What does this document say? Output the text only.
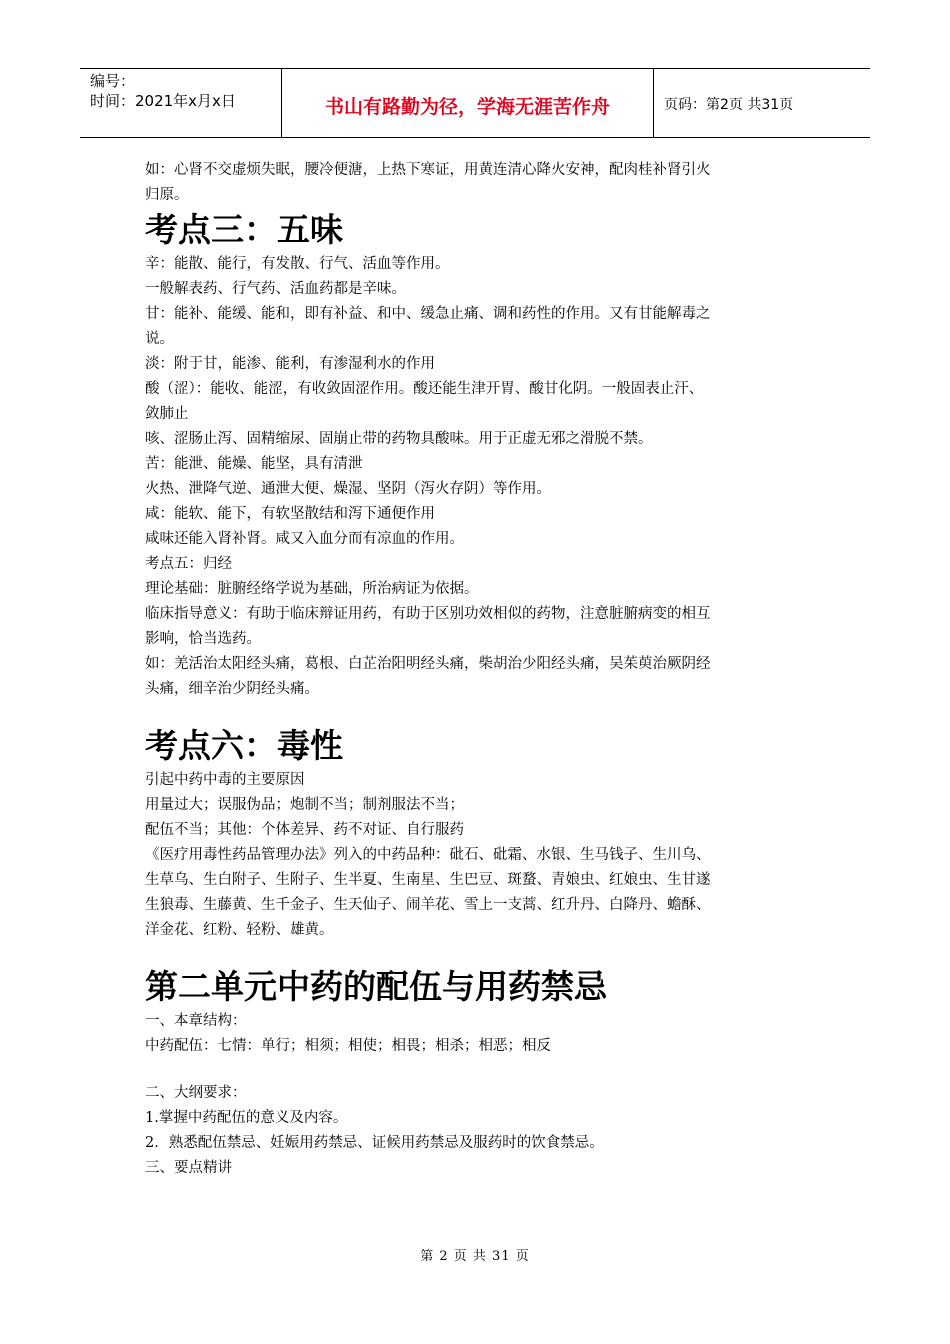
编号：
时间：2021年x月x日	书山有路勤为径，学海无涯苦作舟	页码：第2页 共31页

如：心肾不交虚烦失眠，腰冷便溏，上热下寒证，用黄连清心降火安神，配肉桂补肾引火

归原。

考点三：五味

辛：能散、能行，有发散、行气、活血等作用。

一般解表药、行气药、活血药都是辛味。

甘：能补、能缓、能和，即有补益、和中、缓急止痛、调和药性的作用。又有甘能解毒之

说。

淡：附于甘，能渗、能利，有渗湿利水的作用

酸（涩）：能收、能涩，有收敛固涩作用。酸还能生津开胃、酸甘化阴。一般固表止汗、

敛肺止

咳、涩肠止泻、固精缩尿、固崩止带的药物具酸味。用于正虚无邪之滑脱不禁。

苦：能泄、能燥、能坚，具有清泄

火热、泄降气逆、通泄大便、燥湿、坚阴（泻火存阴）等作用。

咸：能软、能下，有软坚散结和泻下通便作用

咸味还能入肾补肾。咸又入血分而有凉血的作用。

考点五：归经

理论基础：脏腑经络学说为基础，所治病证为依据。

临床指导意义：有助于临床辩证用药，有助于区别功效相似的药物，注意脏腑病变的相互

影响，恰当选药。

如：羌活治太阳经头痛，葛根、白芷治阳明经头痛，柴胡治少阳经头痛，吴茱萸治厥阴经

头痛，细辛治少阴经头痛。

考点六：毒性

引起中药中毒的主要原因

用量过大；误服伪品；炮制不当；制剂服法不当；

配伍不当；其他：个体差异、药不对证、自行服药

《医疗用毒性药品管理办法》列入的中药品种：砒石、砒霜、水银、生马钱子、生川乌、

生草乌、生白附子、生附子、生半夏、生南星、生巴豆、斑蝥、青娘虫、红娘虫、生甘遂

生狼毒、生藤黄、生千金子、生天仙子、闹羊花、雪上一支蒿、红升丹、白降丹、蟾酥、

洋金花、红粉、轻粉、雄黄。

第二单元中药的配伍与用药禁忌

一、本章结构：

中药配伍：七情：单行；相须；相使；相畏；相杀；相恶；相反

二、大纲要求：

1.掌握中药配伍的意义及内容。

2．熟悉配伍禁忌、妊娠用药禁忌、证候用药禁忌及服药时的饮食禁忌。

三、要点精讲

第 2 页 共 31 页
